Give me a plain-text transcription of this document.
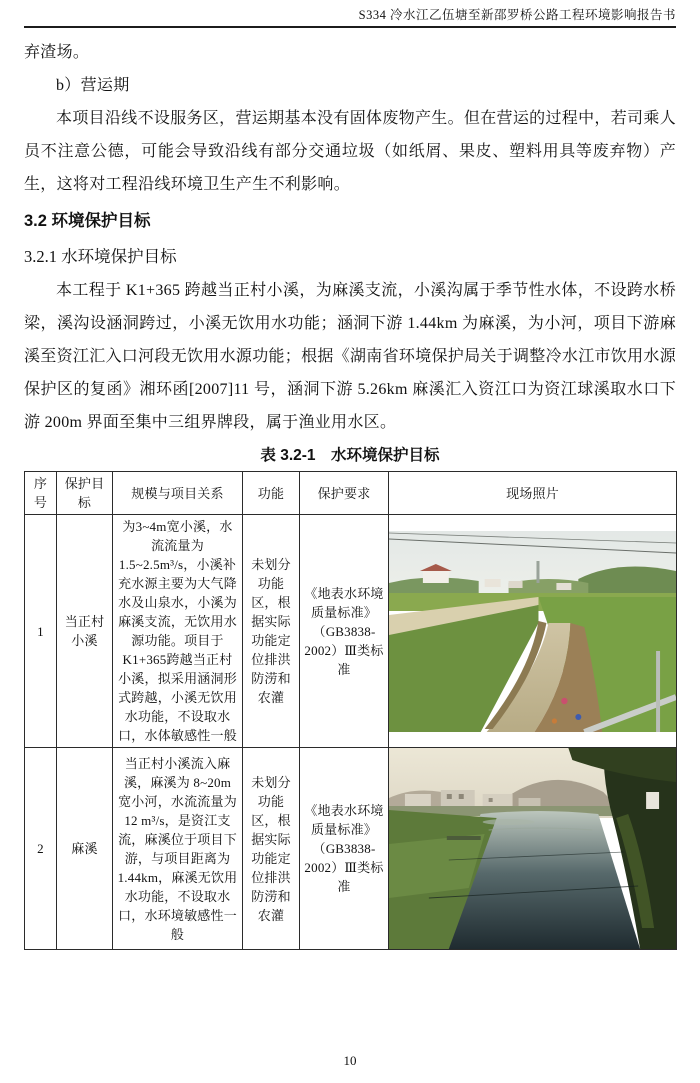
S334 冷水江乙伍塘至新邵罗桥公路工程环境影响报告书

弃渣场。

b）营运期

本项目沿线不设服务区，营运期基本没有固体废物产生。但在营运的过程中，若司乘人员不注意公德，可能会导致沿线有部分交通垃圾（如纸屑、果皮、塑料用具等废弃物）产生，这将对工程沿线环境卫生产生不利影响。

3.2 环境保护目标

3.2.1 水环境保护目标

本工程于 K1+365 跨越当正村小溪，为麻溪支流，小溪沟属于季节性水体，不设跨水桥梁，溪沟设涵洞跨过，小溪无饮用水功能；涵洞下游 1.44km 为麻溪，为小河，项目下游麻溪至资江汇入口河段无饮用水源功能；根据《湖南省环境保护局关于调整冷水江市饮用水源保护区的复函》湘环函[2007]11 号，涵洞下游 5.26km 麻溪汇入资江口为资江球溪取水口下游 200m 界面至集中三组界牌段，属于渔业用水区。

表 3.2-1　水环境保护目标

序号	保护目标	规模与项目关系	功能	保护要求	现场照片
1	当正村小溪	为3~4m宽小溪，水流流量为 1.5~2.5m³/s，小溪补充水源主要为大气降水及山泉水，小溪为麻溪支流，无饮用水源功能。项目于K1+365跨越当正村小溪，拟采用涵洞形式跨越，小溪无饮用水功能，不设取水口，水体敏感性一般	未划分功能区，根据实际功能定位排洪防涝和农灌	《地表水环境质量标准》（GB3838-2002）Ⅲ类标准	

2	麻溪	当正村小溪流入麻溪，麻溪为 8~20m 宽小河，水流流量为 12 m³/s，是资江支流，麻溪位于项目下游，与项目距离为 1.44km，麻溪无饮用水功能，不设取水口，水环境敏感性一般	未划分功能区，根据实际功能定位排洪防涝和农灌	《地表水环境质量标准》（GB3838-2002）Ⅲ类标准	
10
